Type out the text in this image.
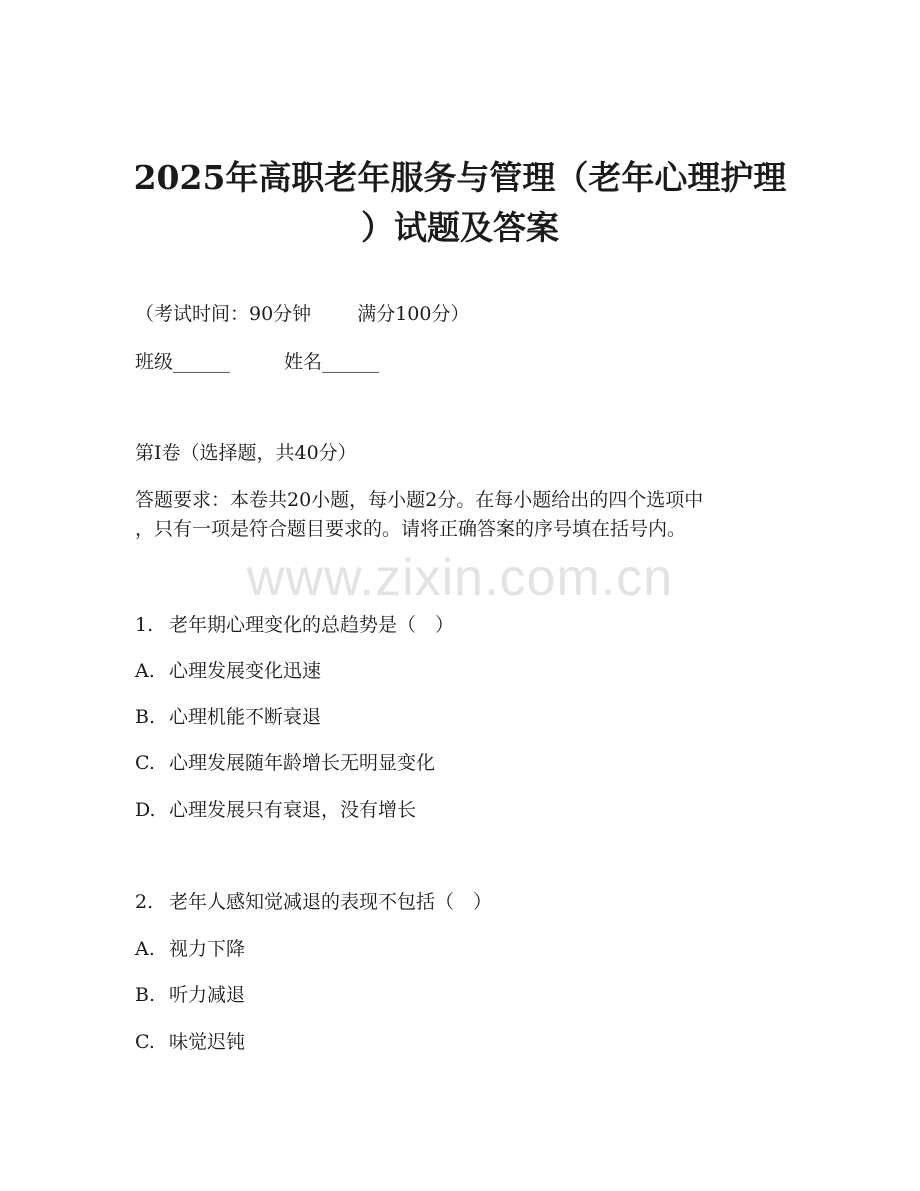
2025年高职老年服务与管理（老年心理护理
）试题及答案

（考试时间：90分钟 满分100分）

班级______	姓名______

第I卷（选择题，共40分）

答题要求：本卷共20小题，每小题2分。在每小题给出的四个选项中

，只有一项是符合题目要求的。请将正确答案的序号填在括号内。

www.zixin.com.cn

1. 老年期心理变化的总趋势是（　）

A. 心理发展变化迅速

B. 心理机能不断衰退

C. 心理发展随年龄增长无明显变化

D. 心理发展只有衰退，没有增长

2. 老年人感知觉减退的表现不包括（　）

A. 视力下降

B. 听力减退

C. 味觉迟钝
